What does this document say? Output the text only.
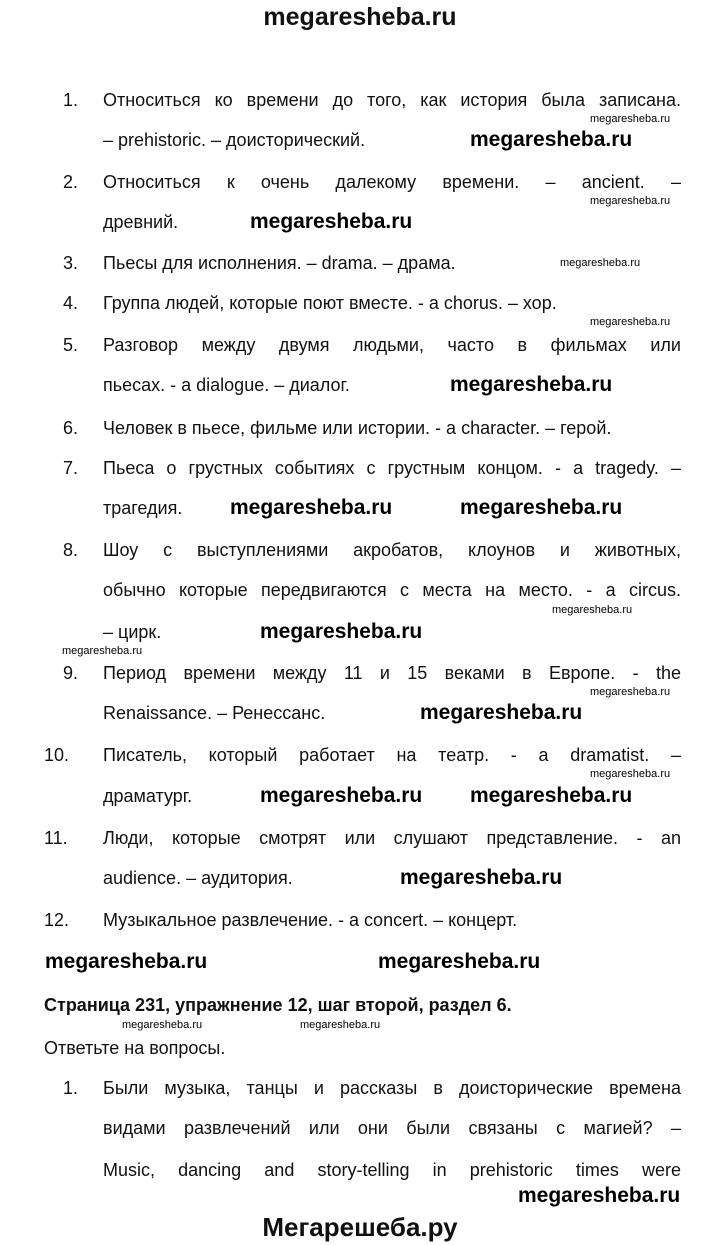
megaresheba.ru
1. Относиться ко времени до того, как история была записана.
– prehistoric. – доисторический.
2. Относиться к очень далекому времени. – ancient. –
древний.
3. Пьесы для исполнения. – drama. – драма.
4. Группа людей, которые поют вместе. - a chorus. – хор.
5. Разговор между двумя людьми, часто в фильмах или
пьесах. - a dialogue. – диалог.
6. Человек в пьесе, фильме или истории. - a character. – герой.
7. Пьеса о грустных событиях с грустным концом. - a tragedy. –
трагедия.
8. Шоу с выступлениями акробатов, клоунов и животных,
обычно которые передвигаются с места на место. - a circus.
– цирк.
9. Период времени между 11 и 15 веками в Европе. - the
Renaissance. – Ренессанс.
10. Писатель, который работает на театр. - a dramatist. –
драматург.
11. Люди, которые смотрят или слушают представление. - an
audience. – аудитория.
12. Музыкальное развлечение. - a concert. – концерт.
1. Были музыка, танцы и рассказы в доисторические времена
видами развлечений или они были связаны с магией? –
Music, dancing and story-telling in prehistoric times were
Страница 231, упражнение 12, шаг второй, раздел 6.
Ответьте на вопросы.
Мегарешеба.ру
megaresheba.ru
megaresheba.ru
megaresheba.ru
megaresheba.ru	megaresheba.ru
megaresheba.ru
megaresheba.ru
megaresheba.ru megaresheba.ru
megaresheba.ru
megaresheba.ru	megaresheba.ru
megaresheba.ru
megaresheba.ru
megaresheba.ru
megaresheba.ru
megaresheba.ru
megaresheba.ru
megaresheba.ru
megaresheba.ru
megaresheba.ru
megaresheba.ru	megaresheba.ru
